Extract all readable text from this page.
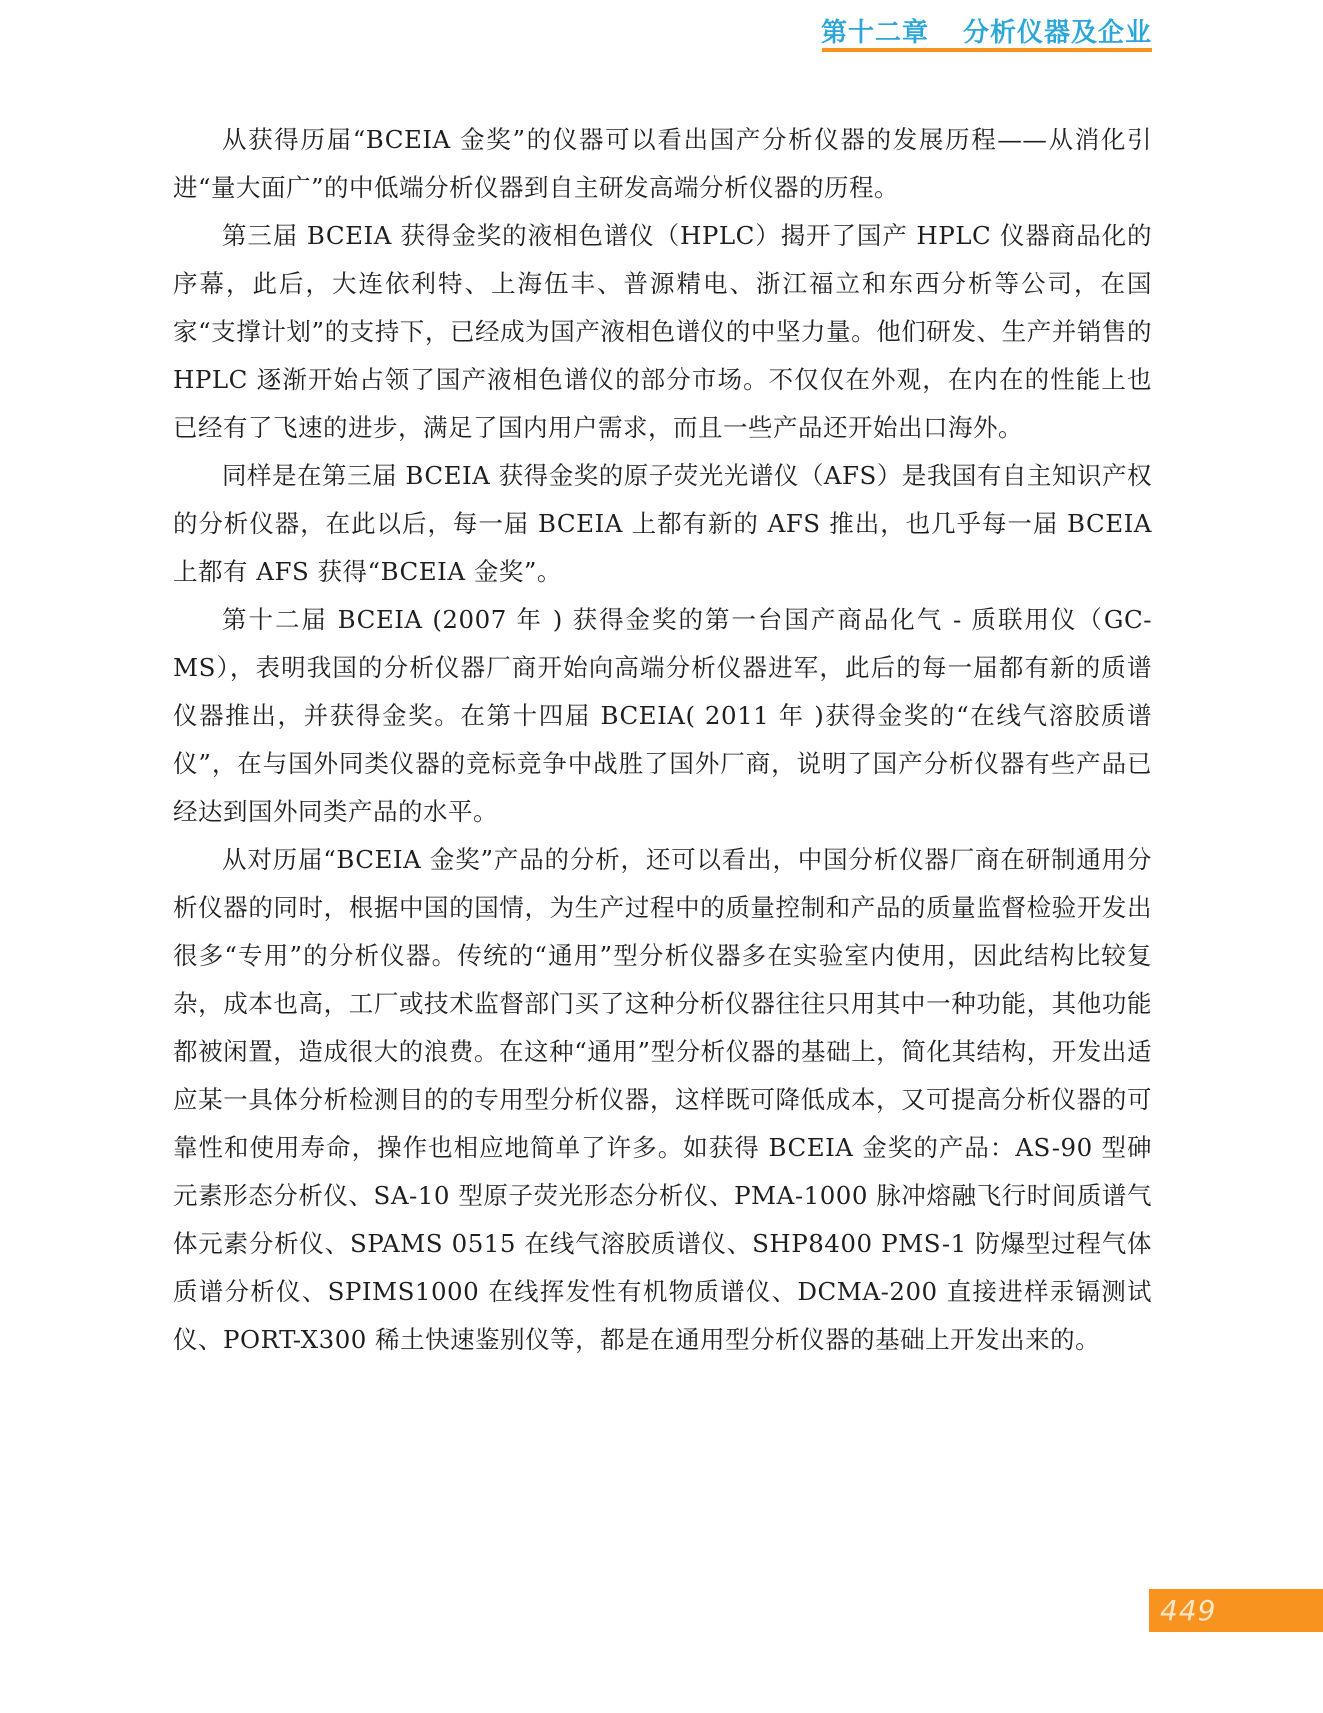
第十二章 分析仪器及企业

从获得历届“BCEIA 金奖”的仪器可以看出国产分析仪器的发展历程——从消化引进“量大面广”的中低端分析仪器到自主研发高端分析仪器的历程。

第三届 BCEIA 获得金奖的液相色谱仪（HPLC）揭开了国产 HPLC 仪器商品化的序幕，此后，大连依利特、上海伍丰、普源精电、浙江福立和东西分析等公司，在国家“支撑计划”的支持下，已经成为国产液相色谱仪的中坚力量。他们研发、生产并销售的 HPLC 逐渐开始占领了国产液相色谱仪的部分市场。不仅仅在外观，在内在的性能上也已经有了飞速的进步，满足了国内用户需求，而且一些产品还开始出口海外。

同样是在第三届 BCEIA 获得金奖的原子荧光光谱仪（AFS）是我国有自主知识产权的分析仪器，在此以后，每一届 BCEIA 上都有新的 AFS 推出，也几乎每一届 BCEIA 上都有 AFS 获得“BCEIA 金奖”。

第十二届 BCEIA (2007 年 ) 获得金奖的第一台国产商品化气 - 质联用仪（GC-MS），表明我国的分析仪器厂商开始向高端分析仪器进军，此后的每一届都有新的质谱仪器推出，并获得金奖。在第十四届 BCEIA( 2011 年 )获得金奖的“在线气溶胶质谱仪”，在与国外同类仪器的竞标竞争中战胜了国外厂商，说明了国产分析仪器有些产品已经达到国外同类产品的水平。

从对历届“BCEIA 金奖”产品的分析，还可以看出，中国分析仪器厂商在研制通用分析仪器的同时，根据中国的国情，为生产过程中的质量控制和产品的质量监督检验开发出很多“专用”的分析仪器。传统的“通用”型分析仪器多在实验室内使用，因此结构比较复杂，成本也高，工厂或技术监督部门买了这种分析仪器往往只用其中一种功能，其他功能都被闲置，造成很大的浪费。在这种“通用”型分析仪器的基础上，简化其结构，开发出适应某一具体分析检测目的的专用型分析仪器，这样既可降低成本，又可提高分析仪器的可靠性和使用寿命，操作也相应地简单了许多。如获得 BCEIA 金奖的产品：AS-90 型砷元素形态分析仪、SA-10 型原子荧光形态分析仪、PMA-1000 脉冲熔融飞行时间质谱气体元素分析仪、SPAMS 0515 在线气溶胶质谱仪、SHP8400 PMS-1 防爆型过程气体质谱分析仪、SPIMS1000 在线挥发性有机物质谱仪、DCMA-200 直接进样汞镉测试仪、PORT-X300 稀土快速鉴别仪等，都是在通用型分析仪器的基础上开发出来的。

449
